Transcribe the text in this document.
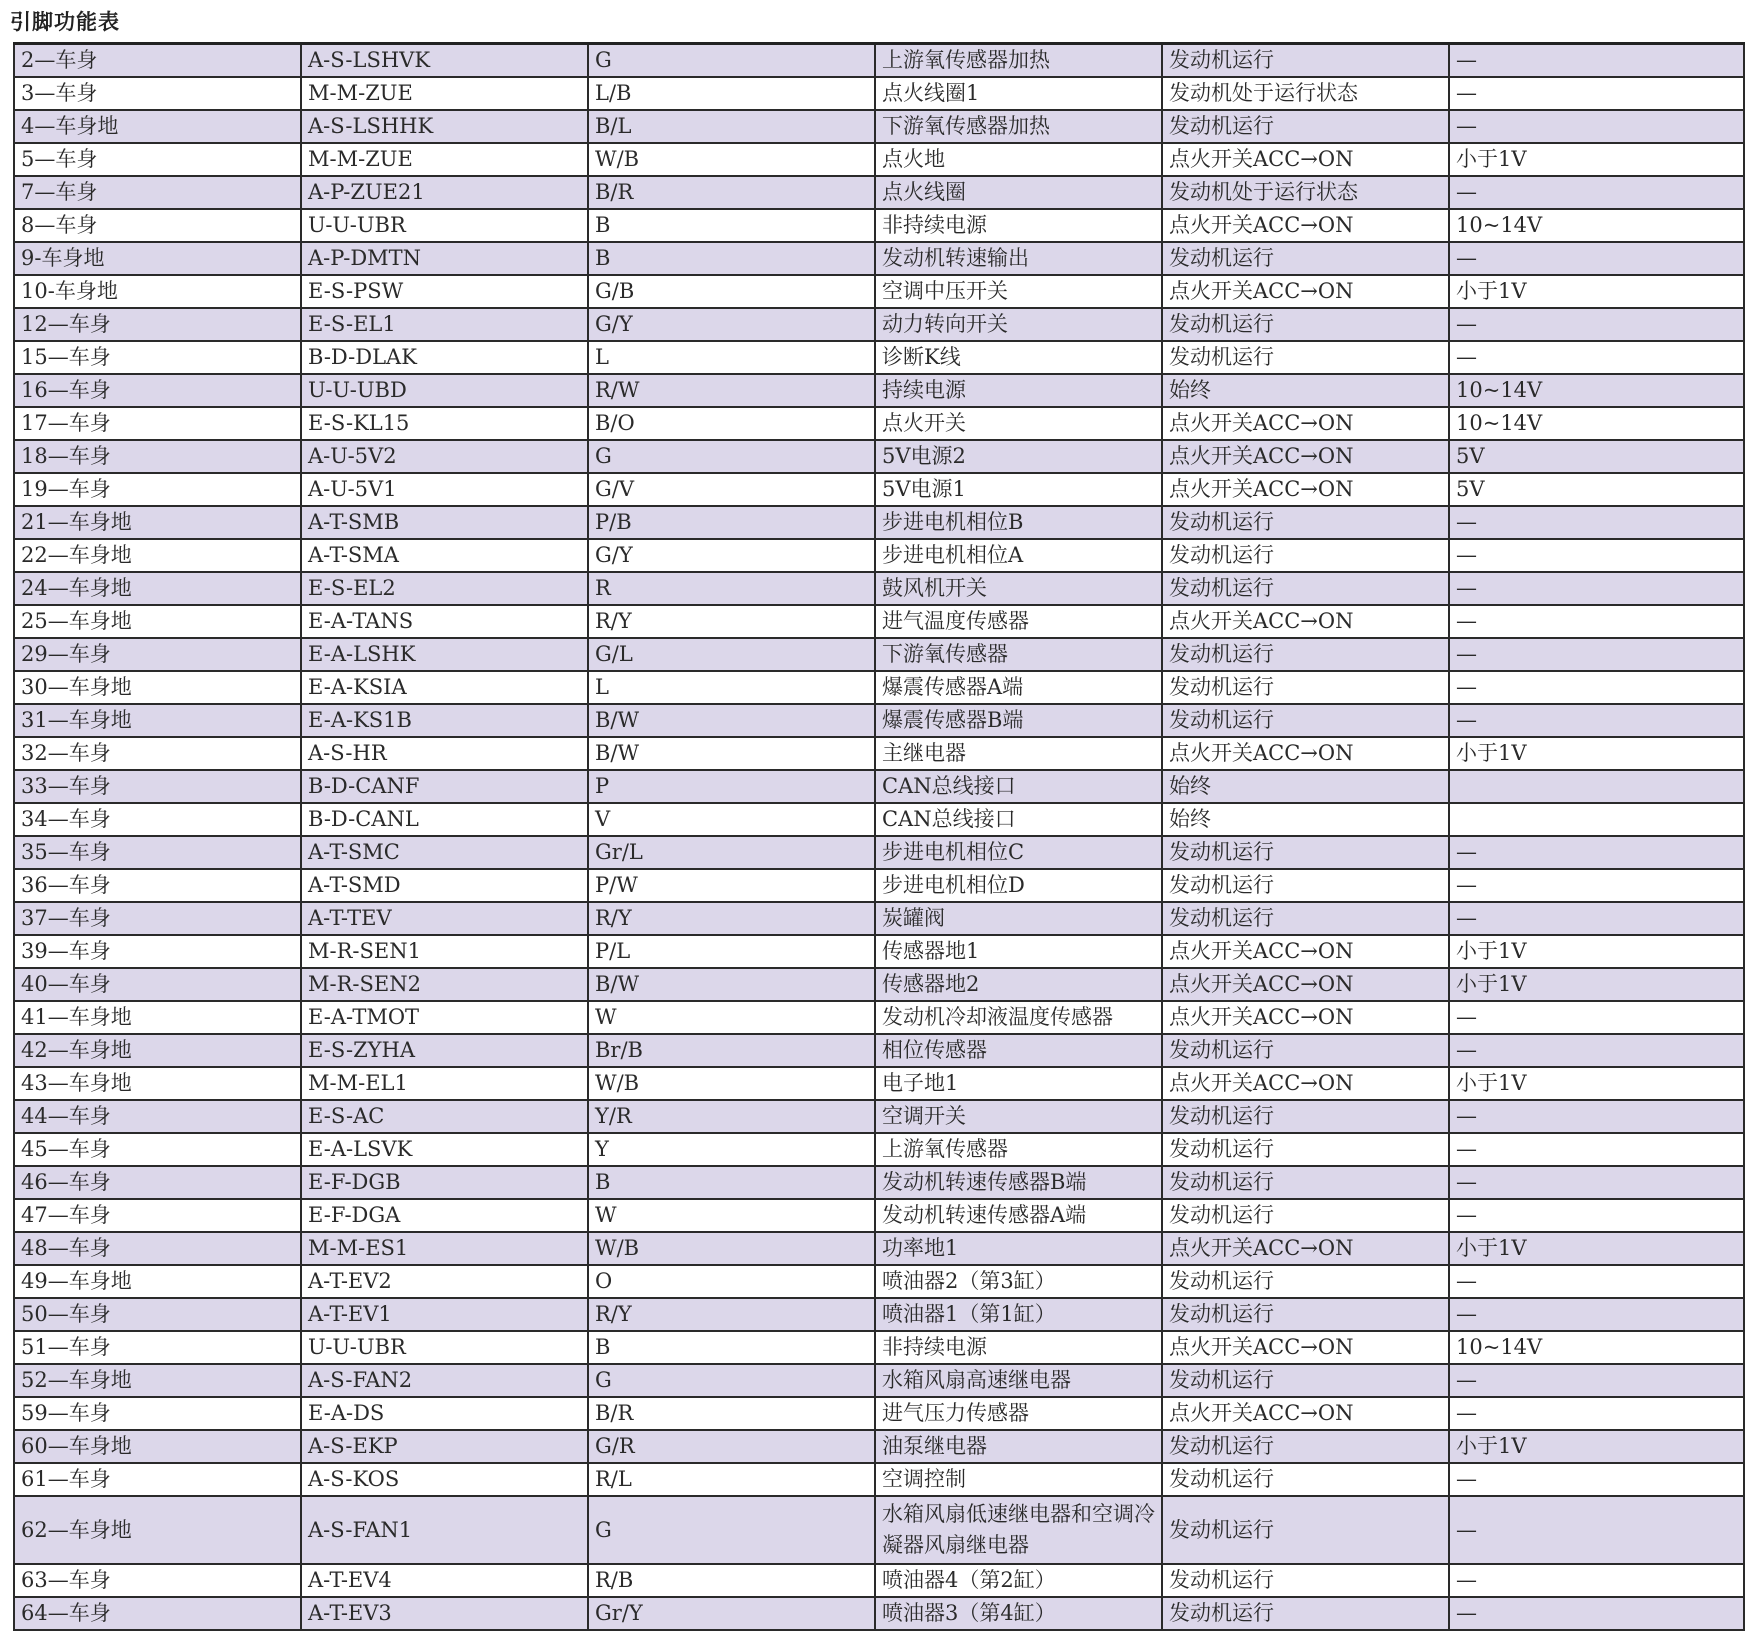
引脚功能表
2—车身	A-S-LSHVK	G	上游氧传感器加热	发动机运行	—
3—车身	M-M-ZUE	L/B	点火线圈1	发动机处于运行状态	—
4—车身地	A-S-LSHHK	B/L	下游氧传感器加热	发动机运行	—
5—车身	M-M-ZUE	W/B	点火地	点火开关ACC→ON	小于1V
7—车身	A-P-ZUE21	B/R	点火线圈	发动机处于运行状态	—
8—车身	U-U-UBR	B	非持续电源	点火开关ACC→ON	10~14V
9-车身地	A-P-DMTN	B	发动机转速输出	发动机运行	—
10-车身地	E-S-PSW	G/B	空调中压开关	点火开关ACC→ON	小于1V
12—车身	E-S-EL1	G/Y	动力转向开关	发动机运行	—
15—车身	B-D-DLAK	L	诊断K线	发动机运行	—
16—车身	U-U-UBD	R/W	持续电源	始终	10~14V
17—车身	E-S-KL15	B/O	点火开关	点火开关ACC→ON	10~14V
18—车身	A-U-5V2	G	5V电源2	点火开关ACC→ON	5V
19—车身	A-U-5V1	G/V	5V电源1	点火开关ACC→ON	5V
21—车身地	A-T-SMB	P/B	步进电机相位B	发动机运行	—
22—车身地	A-T-SMA	G/Y	步进电机相位A	发动机运行	—
24—车身地	E-S-EL2	R	鼓风机开关	发动机运行	—
25—车身地	E-A-TANS	R/Y	进气温度传感器	点火开关ACC→ON	—
29—车身	E-A-LSHK	G/L	下游氧传感器	发动机运行	—
30—车身地	E-A-KSIA	L	爆震传感器A端	发动机运行	—
31—车身地	E-A-KS1B	B/W	爆震传感器B端	发动机运行	—
32—车身	A-S-HR	B/W	主继电器	点火开关ACC→ON	小于1V
33—车身	B-D-CANF	P	CAN总线接口	始终	
34—车身	B-D-CANL	V	CAN总线接口	始终	
35—车身	A-T-SMC	Gr/L	步进电机相位C	发动机运行	—
36—车身	A-T-SMD	P/W	步进电机相位D	发动机运行	—
37—车身	A-T-TEV	R/Y	炭罐阀	发动机运行	—
39—车身	M-R-SEN1	P/L	传感器地1	点火开关ACC→ON	小于1V
40—车身	M-R-SEN2	B/W	传感器地2	点火开关ACC→ON	小于1V
41—车身地	E-A-TMOT	W	发动机冷却液温度传感器	点火开关ACC→ON	—
42—车身地	E-S-ZYHA	Br/B	相位传感器	发动机运行	—
43—车身地	M-M-EL1	W/B	电子地1	点火开关ACC→ON	小于1V
44—车身	E-S-AC	Y/R	空调开关	发动机运行	—
45—车身	E-A-LSVK	Y	上游氧传感器	发动机运行	—
46—车身	E-F-DGB	B	发动机转速传感器B端	发动机运行	—
47—车身	E-F-DGA	W	发动机转速传感器A端	发动机运行	—
48—车身	M-M-ES1	W/B	功率地1	点火开关ACC→ON	小于1V
49—车身地	A-T-EV2	O	喷油器2（第3缸）	发动机运行	—
50—车身	A-T-EV1	R/Y	喷油器1（第1缸）	发动机运行	—
51—车身	U-U-UBR	B	非持续电源	点火开关ACC→ON	10~14V
52—车身地	A-S-FAN2	G	水箱风扇高速继电器	发动机运行	—
59—车身	E-A-DS	B/R	进气压力传感器	点火开关ACC→ON	—
60—车身地	A-S-EKP	G/R	油泵继电器	发动机运行	小于1V
61—车身	A-S-KOS	R/L	空调控制	发动机运行	—
62—车身地	A-S-FAN1	G	水箱风扇低速继电器和空调冷凝器风扇继电器	发动机运行	—
63—车身	A-T-EV4	R/B	喷油器4（第2缸）	发动机运行	—
64—车身	A-T-EV3	Gr/Y	喷油器3（第4缸）	发动机运行	—
